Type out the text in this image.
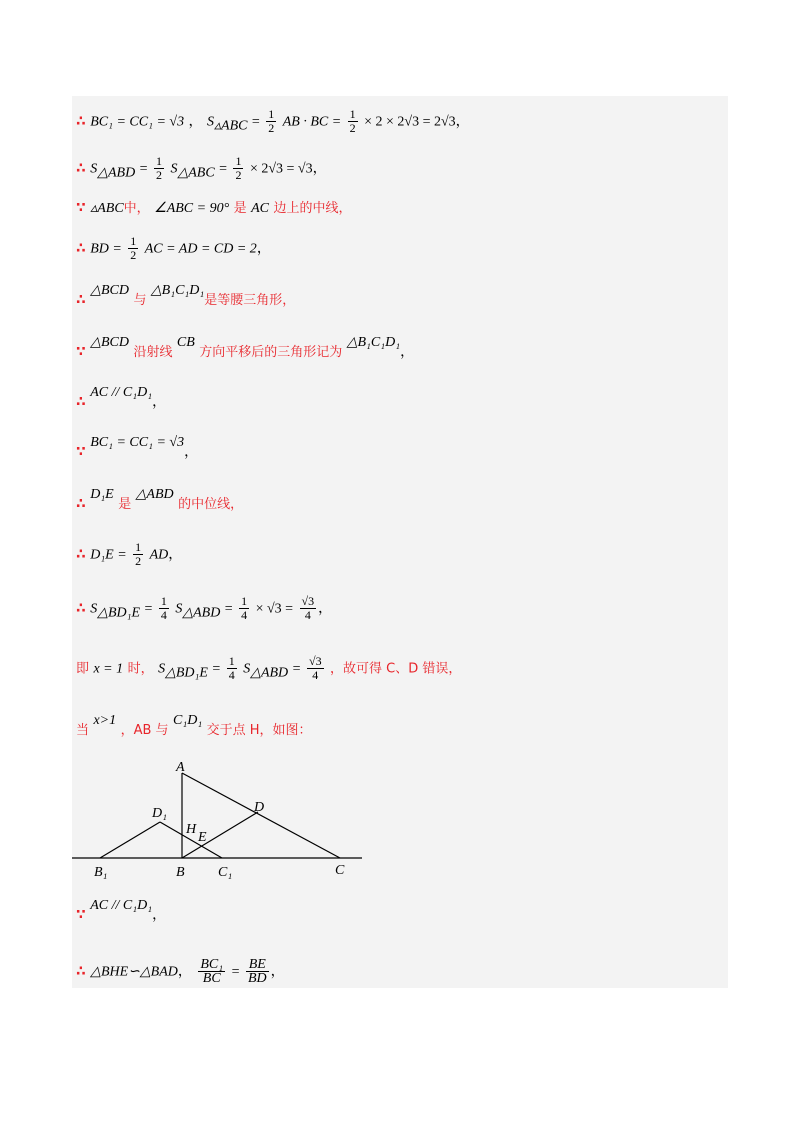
∴ BC₁ = CC₁ = √3 ， $S_{▵ABC} = \frac{1}{2}$ AB · BC = $\frac{1}{2} \times 2 \times 2√3 = 2√3$，
∴ $S_{\triangle ABD} = \frac{1}{2} S_{\triangle ABC} = \frac{1}{2} \times 2√3 = √3$，
∵ ▵ABC中， ∠ABC = 90° 是 AC 边上的中线，
∴ BD = $\frac{1}{2}$ AC = AD = CD = 2，
∴ △BCD 与 △B₁C₁D₁是等腰三角形，
∵ △BCD 沿射线 CB 方向平移后的三角形记为 △B₁C₁D₁，
∴ AC // C₁D₁，
∵ BC₁ = CC₁ = √3，
∴ D₁E 是 △ABD 的中位线，
∴ $D_1E = \frac{1}{2}$ AD，
∴ $S_{\triangle BD_1E} = \frac{1}{4} S_{\triangle ABD} = \frac{1}{4} \times √3 = \frac{√3}{4}$ ，
即 x = 1 时， $S_{\triangle BD_1E} = \frac{1}{4} S_{\triangle ABD} = \frac{√3}{4}$ ，故可得 C、D 错误，
当 x>1 ，AB 与 C₁D₁ 交于点 H，如图：
A
D
D₁
H
E
B₁	B C₁	C
∵ AC // C₁D₁，
∴ △BHE∽△BAD， $\frac{\text{BC₁}}{BC} = \frac{BE}{BD}$ ，
